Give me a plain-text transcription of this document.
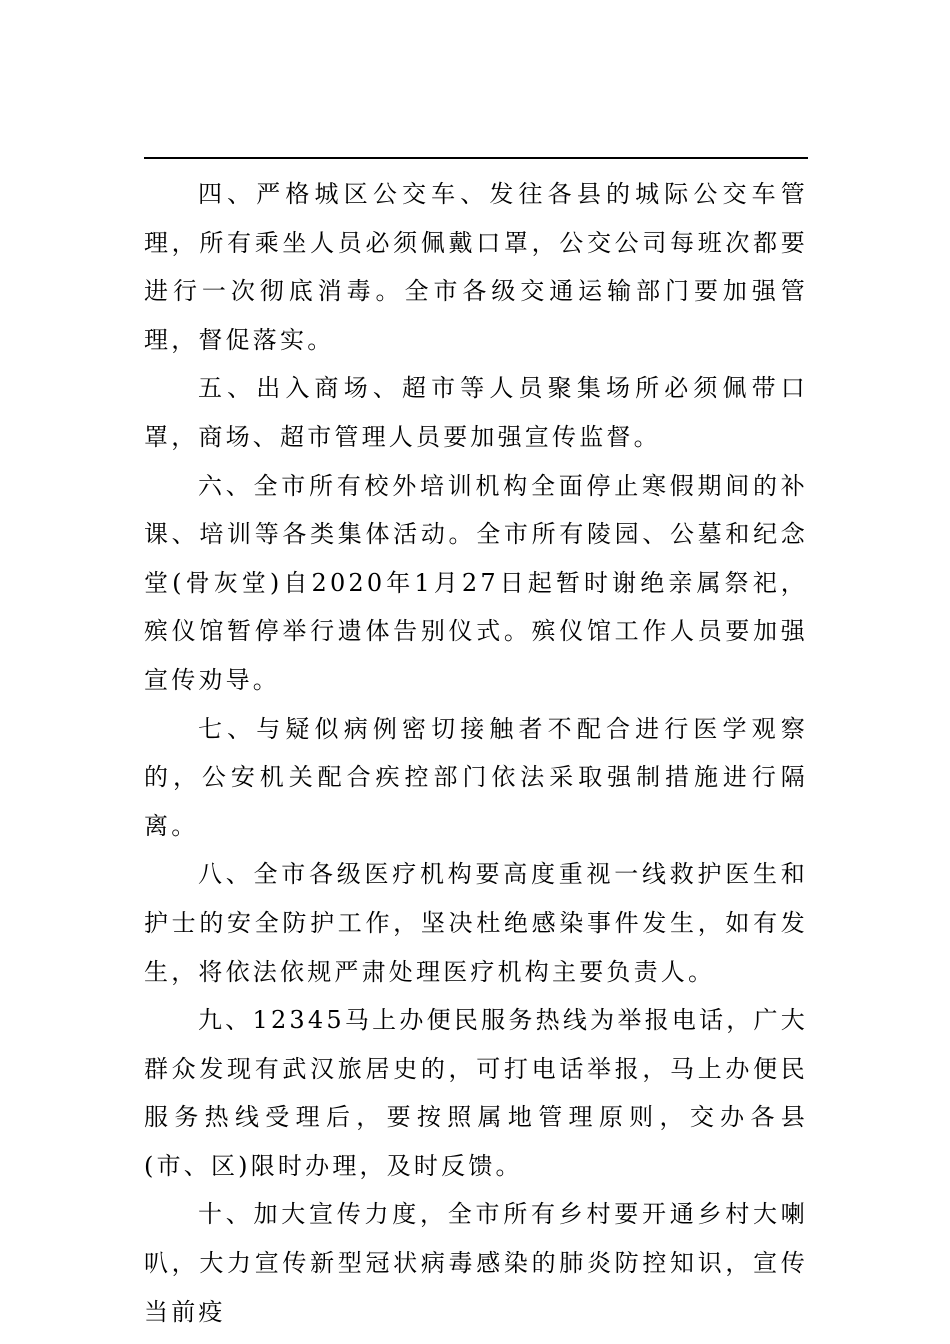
四、严格城区公交车、发往各县的城际公交车管理，所有乘坐人员必须佩戴口罩，公交公司每班次都要进行一次彻底消毒。全市各级交通运输部门要加强管理，督促落实。

五、出入商场、超市等人员聚集场所必须佩带口罩，商场、超市管理人员要加强宣传监督。

六、全市所有校外培训机构全面停止寒假期间的补课、培训等各类集体活动。全市所有陵园、公墓和纪念堂(骨灰堂)自2020年1月27日起暂时谢绝亲属祭祀，殡仪馆暂停举行遗体告别仪式。殡仪馆工作人员要加强宣传劝导。

七、与疑似病例密切接触者不配合进行医学观察的，公安机关配合疾控部门依法采取强制措施进行隔离。

八、全市各级医疗机构要高度重视一线救护医生和护士的安全防护工作，坚决杜绝感染事件发生，如有发生，将依法依规严肃处理医疗机构主要负责人。

九、12345马上办便民服务热线为举报电话，广大群众发现有武汉旅居史的，可打电话举报，马上办便民服务热线受理后，要按照属地管理原则，交办各县(市、区)限时办理，及时反馈。

十、加大宣传力度，全市所有乡村要开通乡村大喇叭，大力宣传新型冠状病毒感染的肺炎防控知识，宣传当前疫
